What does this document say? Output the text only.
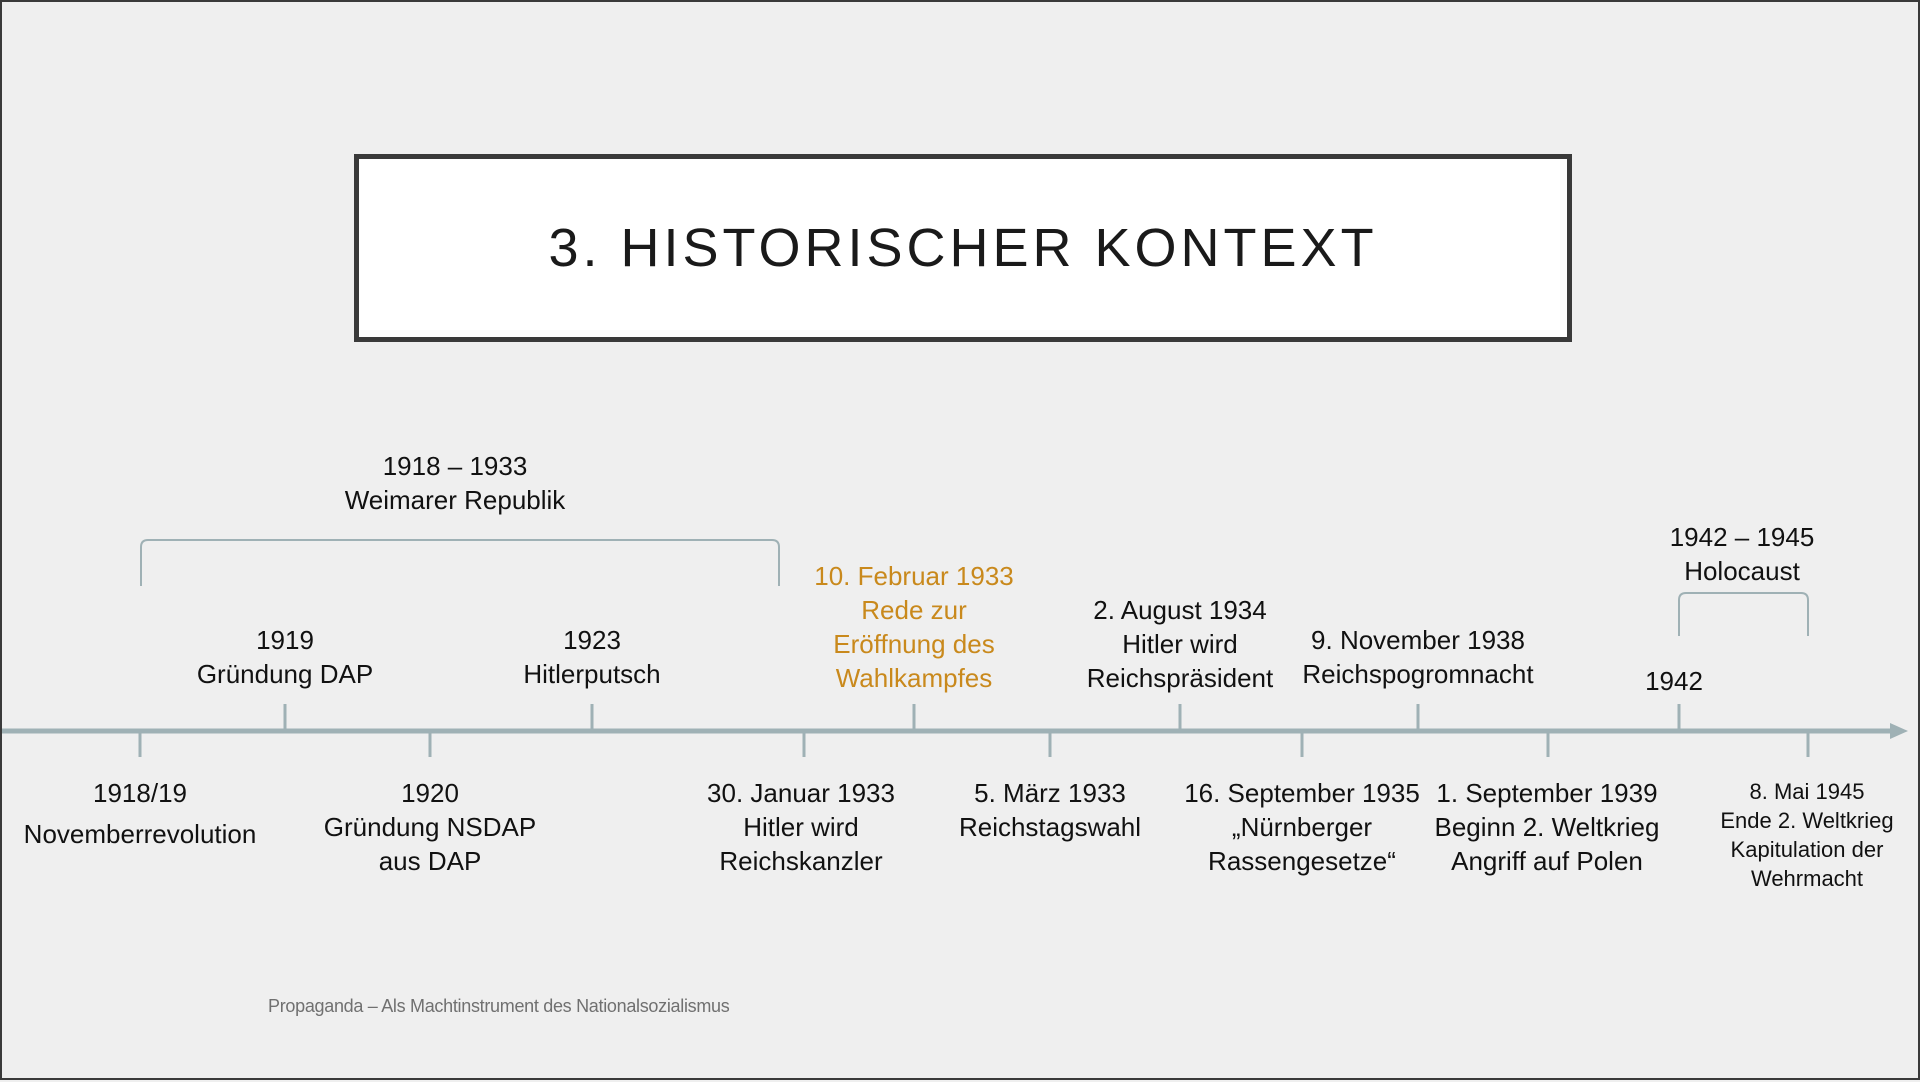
3. HISTORISCHER KONTEXT
1918 – 1933
Weimarer Republik
1942 – 1945
Holocaust
1919
Gründung DAP
1923
Hitlerputsch
10. Februar 1933
Rede zur
Eröffnung des
Wahlkampfes
2. August 1934
Hitler wird
Reichspräsident
9. November 1938
Reichspogromnacht	1942
1918/19
Novemberrevolution
1920
Gründung NSDAP
aus DAP
30. Januar 1933
Hitler wird
Reichskanzler
5. März 1933
Reichstagswahl
16. September 1935
„Nürnberger
Rassengesetze“
1. September 1939
Beginn 2. Weltkrieg
Angriff auf Polen
8. Mai 1945
Ende 2. Weltkrieg
Kapitulation der
Wehrmacht
Propaganda – Als Machtinstrument des Nationalsozialismus
